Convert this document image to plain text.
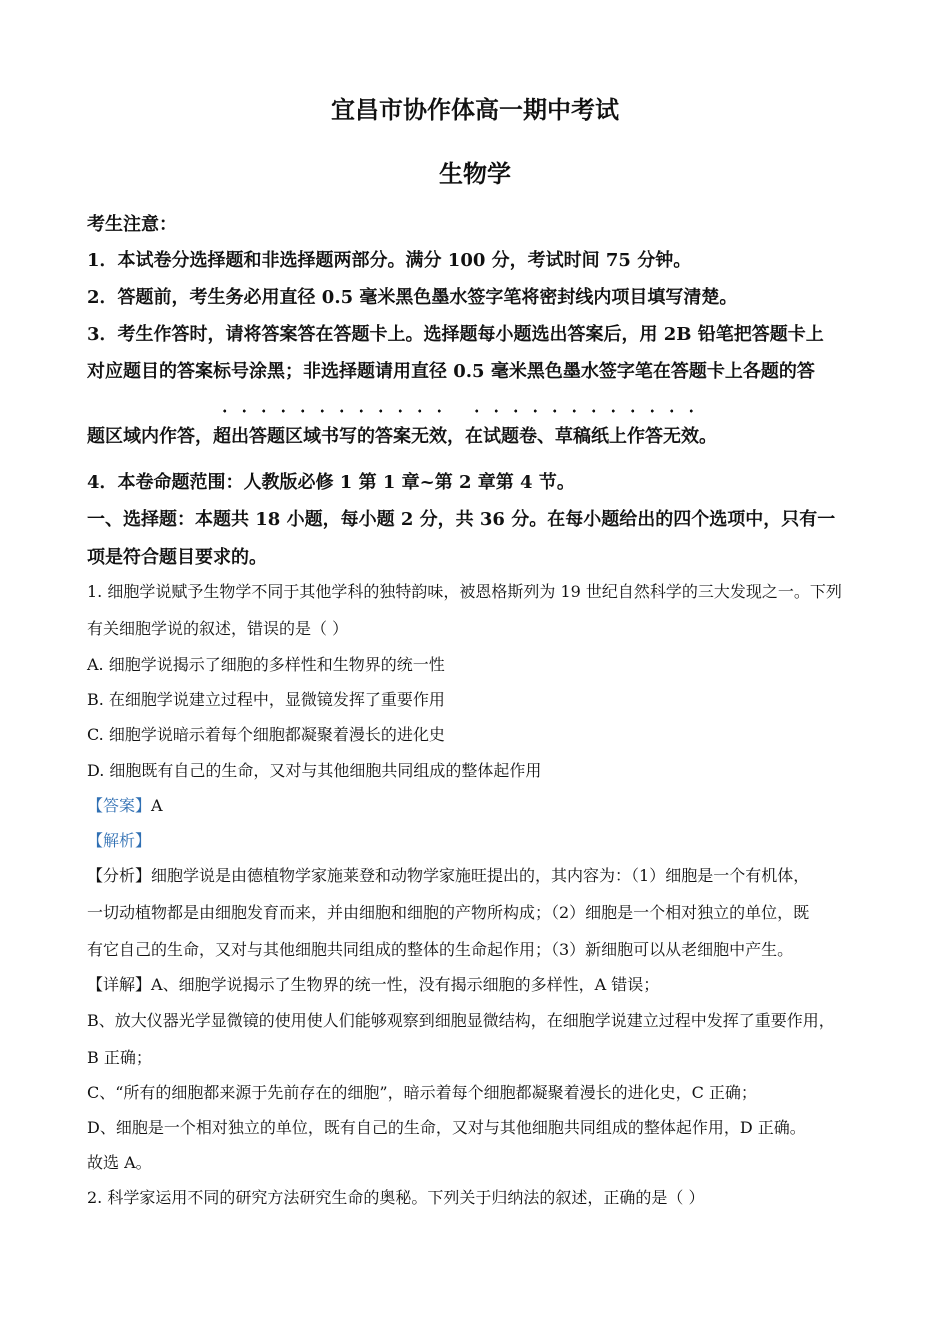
宜昌市协作体高一期中考试
生物学
考生注意：
1．本试卷分选择题和非选择题两部分。满分 100 分，考试时间 75 分钟。
2．答题前，考生务必用直径 0.5 毫米黑色墨水签字笔将密封线内项目填写清楚。
3．考生作答时，请将答案答在答题卡上。选择题每小题选出答案后，用 2B 铅笔把答题卡上
对应题目的答案标号涂黑；非选择题请用直径 0.5 毫米黑色墨水签字笔在答题卡上各题的答
题区域内作答，
超出答题区域书写的答案无效，
在试题卷、草稿纸上作答无效。
4．本卷命题范围：人教版必修 1 第 1 章~第 2 章第 4 节。
一、选择题：本题共 18 小题，每小题 2 分，共 36 分。在每小题给出的四个选项中，只有一
项是符合题目要求的。
1. 细胞学说赋予生物学不同于其他学科的独特韵味，被恩格斯列为 19 世纪自然科学的三大发现之一。下列
有关细胞学说的叙述，错误的是（ ）
A. 细胞学说揭示了细胞的多样性和生物界的统一性
B. 在细胞学说建立过程中，显微镜发挥了重要作用
C. 细胞学说暗示着每个细胞都凝聚着漫长的进化史
D. 细胞既有自己的生命，又对与其他细胞共同组成的整体起作用
【答案】A
【解析】
【分析】细胞学说是由德植物学家施莱登和动物学家施旺提出的，其内容为：（1）细胞是一个有机体，
一切动植物都是由细胞发育而来，并由细胞和细胞的产物所构成；（2）细胞是一个相对独立的单位，既
有它自己的生命，又对与其他细胞共同组成的整体的生命起作用；（3）新细胞可以从老细胞中产生。
【详解】A、细胞学说揭示了生物界的统一性，没有揭示细胞的多样性，A 错误；
B、放大仪器光学显微镜的使用使人们能够观察到细胞显微结构，在细胞学说建立过程中发挥了重要作用，
B 正确；
C、“所有的细胞都来源于先前存在的细胞”，暗示着每个细胞都凝聚着漫长的进化史，C 正确；
D、细胞是一个相对独立的单位，既有自己的生命，又对与其他细胞共同组成的整体起作用，D 正确。
故选 A。
2. 科学家运用不同的研究方法研究生命的奥秘。下列关于归纳法的叙述，正确的是（ ）
